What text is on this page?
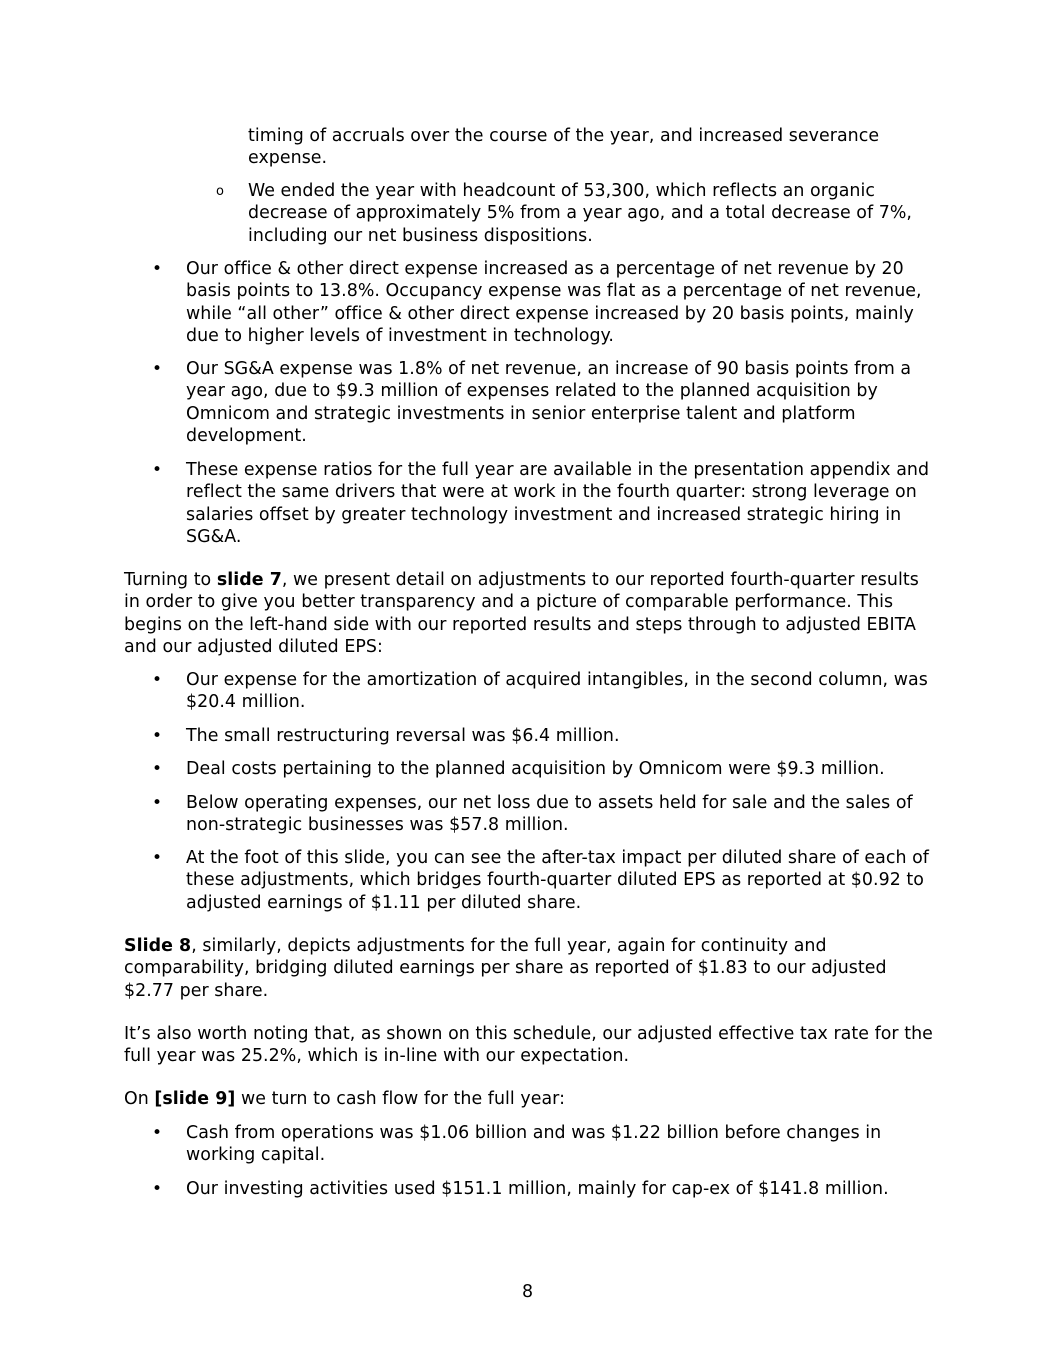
timing of accruals over the course of the year, and increased severance expense.
o	We ended the year with headcount of 53,300, which reflects an organic decrease of approximately 5% from a year ago, and a total decrease of 7%, including our net business dispositions.
•	Our office & other direct expense increased as a percentage of net revenue by 20 basis points to 13.8%. Occupancy expense was flat as a percentage of net revenue, while “all other” office & other direct expense increased by 20 basis points, mainly due to higher levels of investment in technology.
•	Our SG&A expense was 1.8% of net revenue, an increase of 90 basis points from a year ago, due to $9.3 million of expenses related to the planned acquisition by Omnicom and strategic investments in senior enterprise talent and platform development.
•	These expense ratios for the full year are available in the presentation appendix and reflect the same drivers that were at work in the fourth quarter: strong leverage on salaries offset by greater technology investment and increased strategic hiring in SG&A.
Turning to slide 7, we present detail on adjustments to our reported fourth-quarter results in order to give you better transparency and a picture of comparable performance. This begins on the left-hand side with our reported results and steps through to adjusted EBITA and our adjusted diluted EPS:
•	Our expense for the amortization of acquired intangibles, in the second column, was $20.4 million.
•	The small restructuring reversal was $6.4 million.
•	Deal costs pertaining to the planned acquisition by Omnicom were $9.3 million.
•	Below operating expenses, our net loss due to assets held for sale and the sales of non-strategic businesses was $57.8 million.
•	At the foot of this slide, you can see the after-tax impact per diluted share of each of these adjustments, which bridges fourth-quarter diluted EPS as reported at $0.92 to adjusted earnings of $1.11 per diluted share.
Slide 8, similarly, depicts adjustments for the full year, again for continuity and comparability, bridging diluted earnings per share as reported of $1.83 to our adjusted $2.77 per share.
It’s also worth noting that, as shown on this schedule, our adjusted effective tax rate for the full year was 25.2%, which is in-line with our expectation.
On [slide 9] we turn to cash flow for the full year:
•	Cash from operations was $1.06 billion and was $1.22 billion before changes in working capital.
•	Our investing activities used $151.1 million, mainly for cap-ex of $141.8 million.
8
